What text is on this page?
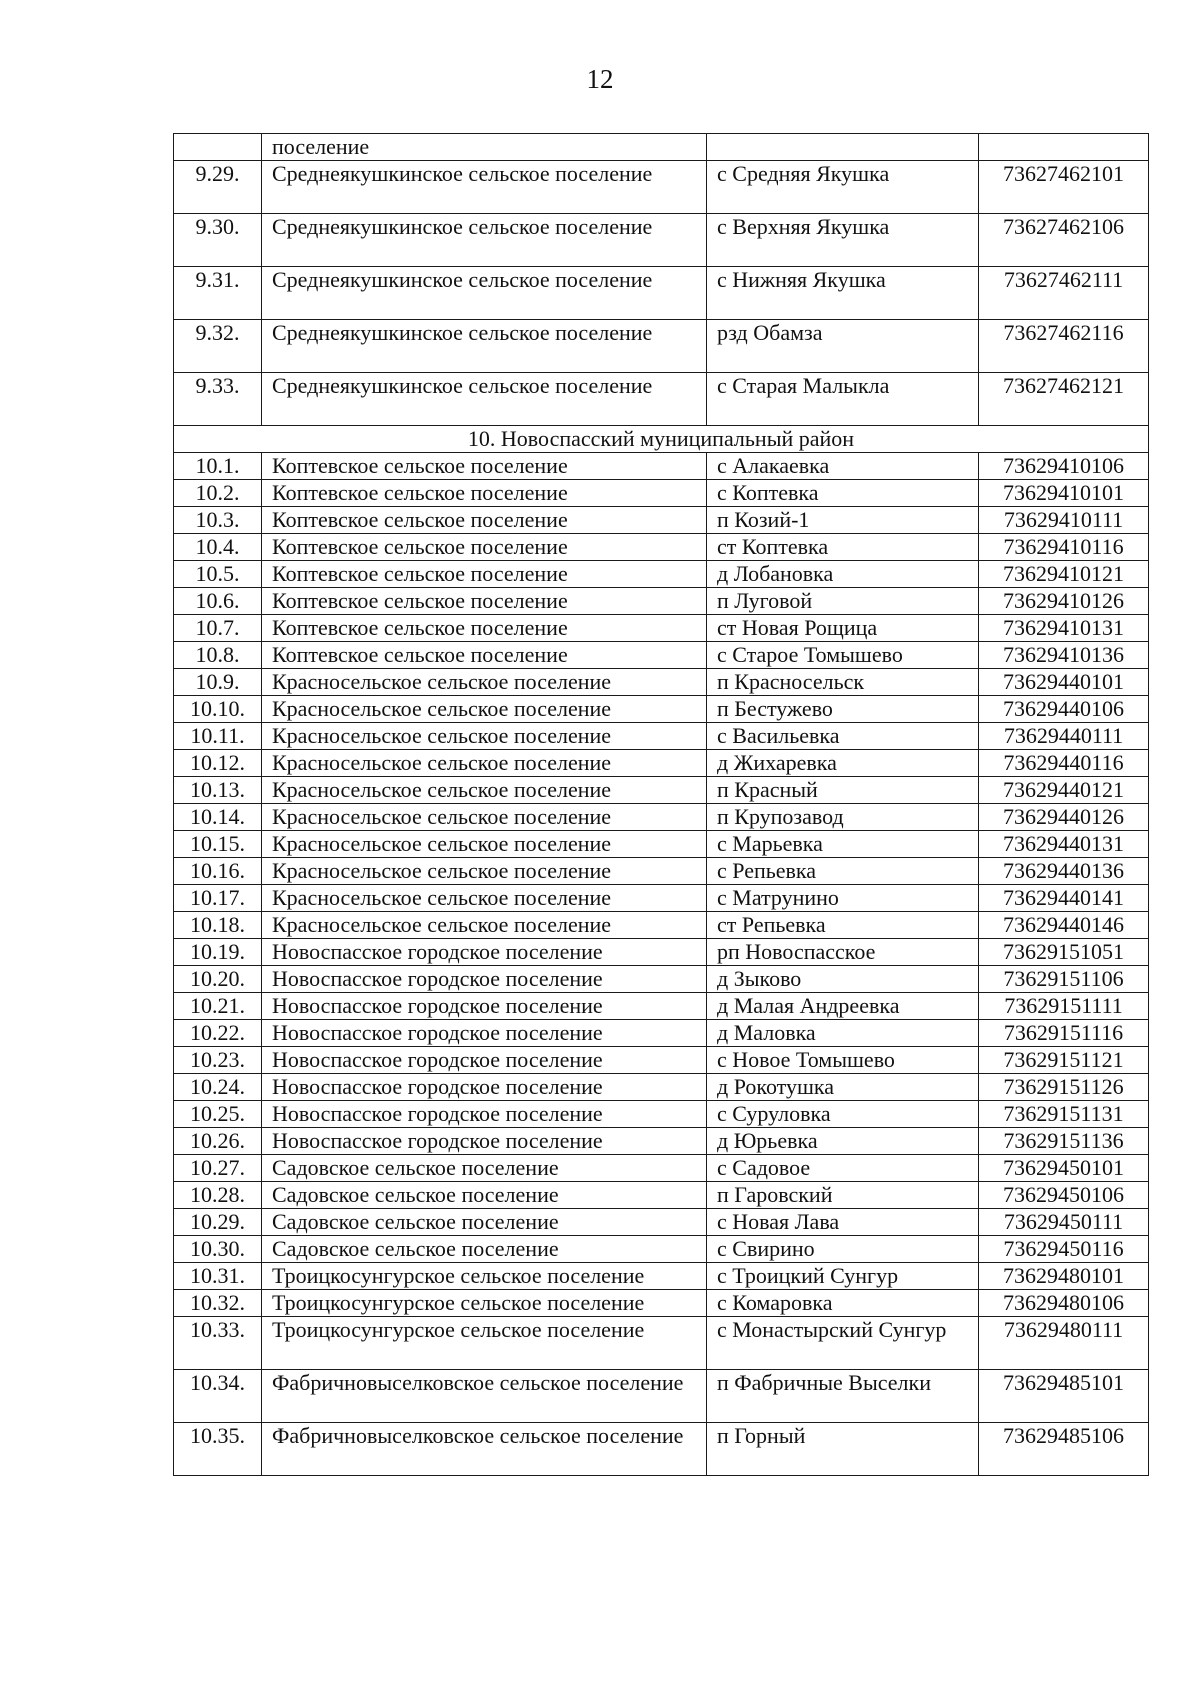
12
	поселение		
9.29.	Среднеякушкинское сельское поселение	с Средняя Якушка	73627462101
9.30.	Среднеякушкинское сельское поселение	с Верхняя Якушка	73627462106
9.31.	Среднеякушкинское сельское поселение	с Нижняя Якушка	73627462111
9.32.	Среднеякушкинское сельское поселение	рзд Обамза	73627462116
9.33.	Среднеякушкинское сельское поселение	с Старая Малыкла	73627462121
10. Новоспасский муниципальный район			
10.1.	Коптевское сельское поселение	с Алакаевка	73629410106
10.2.	Коптевское сельское поселение	с Коптевка	73629410101
10.3.	Коптевское сельское поселение	п Козий-1	73629410111
10.4.	Коптевское сельское поселение	ст Коптевка	73629410116
10.5.	Коптевское сельское поселение	д Лобановка	73629410121
10.6.	Коптевское сельское поселение	п Луговой	73629410126
10.7.	Коптевское сельское поселение	ст Новая Рощица	73629410131
10.8.	Коптевское сельское поселение	с Старое Томышево	73629410136
10.9.	Красносельское сельское поселение	п Красносельск	73629440101
10.10.	Красносельское сельское поселение	п Бестужево	73629440106
10.11.	Красносельское сельское поселение	с Васильевка	73629440111
10.12.	Красносельское сельское поселение	д Жихаревка	73629440116
10.13.	Красносельское сельское поселение	п Красный	73629440121
10.14.	Красносельское сельское поселение	п Крупозавод	73629440126
10.15.	Красносельское сельское поселение	с Марьевка	73629440131
10.16.	Красносельское сельское поселение	с Репьевка	73629440136
10.17.	Красносельское сельское поселение	с Матрунино	73629440141
10.18.	Красносельское сельское поселение	ст Репьевка	73629440146
10.19.	Новоспасское городское поселение	рп Новоспасское	73629151051
10.20.	Новоспасское городское поселение	д Зыково	73629151106
10.21.	Новоспасское городское поселение	д Малая Андреевка	73629151111
10.22.	Новоспасское городское поселение	д Маловка	73629151116
10.23.	Новоспасское городское поселение	с Новое Томышево	73629151121
10.24.	Новоспасское городское поселение	д Рокотушка	73629151126
10.25.	Новоспасское городское поселение	с Суруловка	73629151131
10.26.	Новоспасское городское поселение	д Юрьевка	73629151136
10.27.	Садовское сельское поселение	с Садовое	73629450101
10.28.	Садовское сельское поселение	п Гаровский	73629450106
10.29.	Садовское сельское поселение	с Новая Лава	73629450111
10.30.	Садовское сельское поселение	с Свирино	73629450116
10.31.	Троицкосунгурское сельское поселение	с Троицкий Сунгур	73629480101
10.32.	Троицкосунгурское сельское поселение	с Комаровка	73629480106
10.33.	Троицкосунгурское сельское поселение	с Монастырский Сунгур	73629480111
10.34.	Фабричновыселковское сельское поселение	п Фабричные Выселки	73629485101
10.35.	Фабричновыселковское сельское поселение	п Горный	73629485106
